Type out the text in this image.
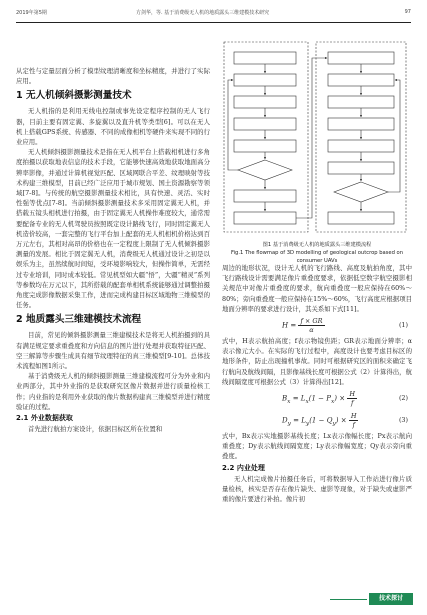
2019年第5期	方剑华，等. 基于消费级无人机的地质露头三维建模技术研究	97

从定性与定量层面分析了模型纹理清晰度和坐标精度，并进行了实际应用。

1 无人机倾斜摄影测量技术

无人机指的是利用无线电控制或事先设定程序控制的无人飞行器，目前主要有固定翼、多旋翼以及直升机等类型[6]。可以在无人机上搭载GPS系统、传感器、不同的成像相机等硬件来实现不同的行业应用。

无人机倾斜摄影测量技术是指在无人机平台上搭载相机进行多角度拍摄以获取地表信息的技术手段，它能够快速高效地获取地面高分辨率影像，并通过计算机视觉匹配、区域网联合平差、纹理映射等技术构建三维模型，目前已经广泛应用于城市规划、国土资源勘察等领域[7-8]。与传统的航空摄影测量技术相比，具有快速、灵活、实时性强等优点[7-8]。当前倾斜摄影测量技术多采用固定翼无人机，并搭载五镜头相机进行拍摄，由于固定翼无人机操作难度较大，通常需要配备专业的无人机驾驶员按照既定设计路线飞行，同时固定翼无人机造价较高，一套完整的飞行平台加上配套的无人机相机价格达到百万元左右，其相对高昂的价格也在一定程度上限制了无人机倾斜摄影测量的发展。相比于固定翼无人机，消费级无人机通过设计之初是以娱乐为主，虽然续航时间短，受环境影响较大，但操作简单，无需经过专业培训，同时成本较低。常见机型如大疆“悟”，大疆“精灵”系列等参数均在万元以下，其所搭载的配套单相机系统能够通过调整拍摄角度完成影像数据采集工作，进而完成构建目标区域地物三维模型的任务。

2 地质露头三维建模技术流程

目前，常见的倾斜摄影测量三维建模技术是将无人机拍摄到的具有满足规定要求重叠度和方向信息的图片进行处理并获取特征匹配、空三解算等步骤生成具有细节纹理特征的真三维模型[9-10]。总体技术流程如图1所示。

基于消费级无人机的倾斜摄影测量三维建模流程可分为外业和内业两部分，其中外业指的是获取研究区像片数据并进行质量检核工作；内业指的是利用外业获取的像片数据构建真三维模型并进行精度验证的过程。

2.1 外业数据获取

首先进行航拍方案设计，依据目标区所在位置和

图1 基于消费级无人机的地质露头三维建模流程
Fig.1 The flowmap of 3D modelling of geological outcrop based on consumer UAVs

周边的地形状况，设计无人机的飞行路线、高度及航拍角度，其中飞行路线设计需要满足像片重叠度要求，依据低空数字航空摄影相关规范中对像片重叠度的要求，航向重叠度一般应保持在60%～80%；旁向重叠度一般应保持在15%～60%，飞行高度应根据项目地面分辨率的要求进行设计，其关系如下式[11]。

$H = \frac{f \times GR}{\alpha}$	(1)

式中，H表示航拍高度；f表示物镜焦距；GR表示地面分辨率；α 表示像元大小。在实际的飞行过程中，高度设计也要考虑目标区的地形条件，防止出现撞机事故。同时可根据研究区的面积来确定飞行航向及航线间隔，且影像基线长度可根据公式（2）计算得出，航线间隔宽度可根据公式（3）计算得出[12]。

$B_x = L_x(1 - P_x) \times \frac{H}{f}$	(2)
$D_y = L_y(1 - Q_y) \times \frac{H}{f}$	(3)

式中，Bx表示实地摄影基线长度；Lx表示像幅长度；Px表示航向重叠度；Dy表示航线间隔宽度；Ly表示像幅宽度；Qy表示旁向重叠度。

2.2 内业处理

无人机完成像片拍摄任务后，可将数据导入工作站进行像片质量检核，核实是否存在像片缺失、虚影等现象，对于缺失或虚影严重的像片要进行补拍。像片初

技术探讨
